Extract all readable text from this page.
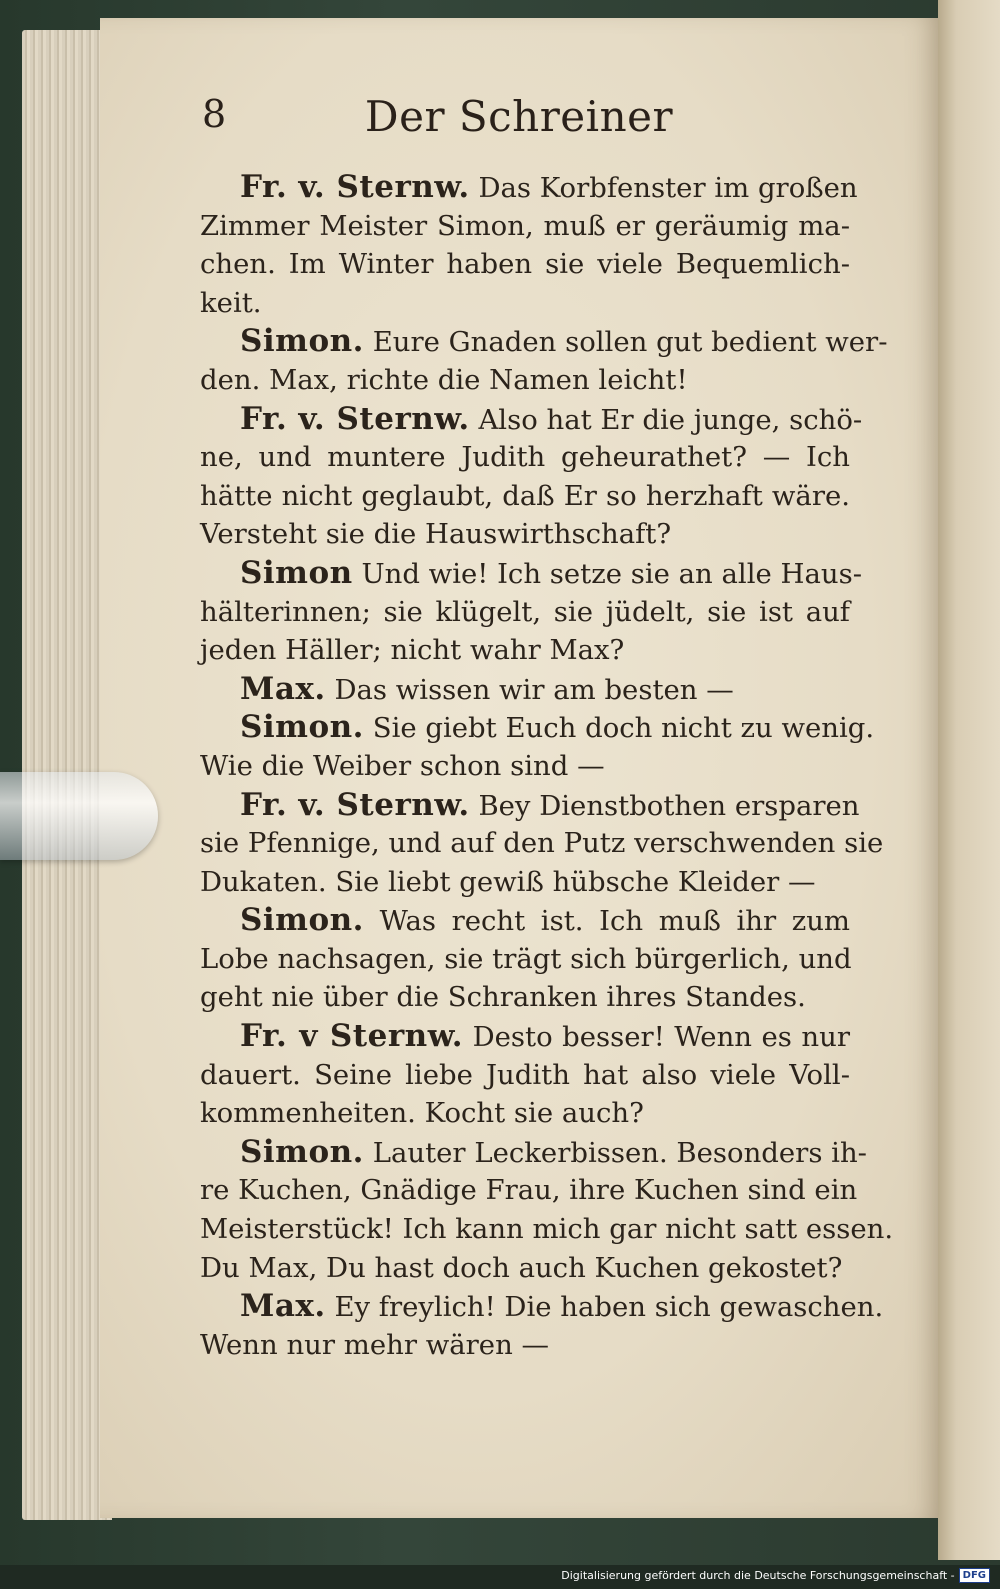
8	Der Schreiner
Fr. v. Sternw. Das Korbfenster im großen
Zimmer Meister Simon, muß er geräumig ma-
chen. Im Winter haben sie viele Bequemlich-
keit.
Simon. Eure Gnaden sollen gut bedient wer-
den. Max, richte die Namen leicht!
Fr. v. Sternw. Also hat Er die junge, schö-
ne, und muntere Judith geheurathet? — Ich
hätte nicht geglaubt, daß Er so herzhaft wäre.
Versteht sie die Hauswirthschaft?
Simon Und wie! Ich setze sie an alle Haus-
hälterinnen; sie klügelt, sie jüdelt, sie ist auf
jeden Häller; nicht wahr Max?
Max. Das wissen wir am besten —
Simon. Sie giebt Euch doch nicht zu wenig.
Wie die Weiber schon sind —
Fr. v. Sternw. Bey Dienstbothen ersparen
sie Pfennige, und auf den Putz verschwenden sie
Dukaten. Sie liebt gewiß hübsche Kleider —
Simon. Was recht ist. Ich muß ihr zum
Lobe nachsagen, sie trägt sich bürgerlich, und
geht nie über die Schranken ihres Standes.
Fr. v Sternw. Desto besser! Wenn es nur
dauert. Seine liebe Judith hat also viele Voll-
kommenheiten. Kocht sie auch?
Simon. Lauter Leckerbissen. Besonders ih-
re Kuchen, Gnädige Frau, ihre Kuchen sind ein
Meisterstück! Ich kann mich gar nicht satt essen.
Du Max, Du hast doch auch Kuchen gekostet?
Max. Ey freylich! Die haben sich gewaschen.
Wenn nur mehr wären —
Digitalisierung gefördert durch die Deutsche Forschungsgemeinschaft - DFG
